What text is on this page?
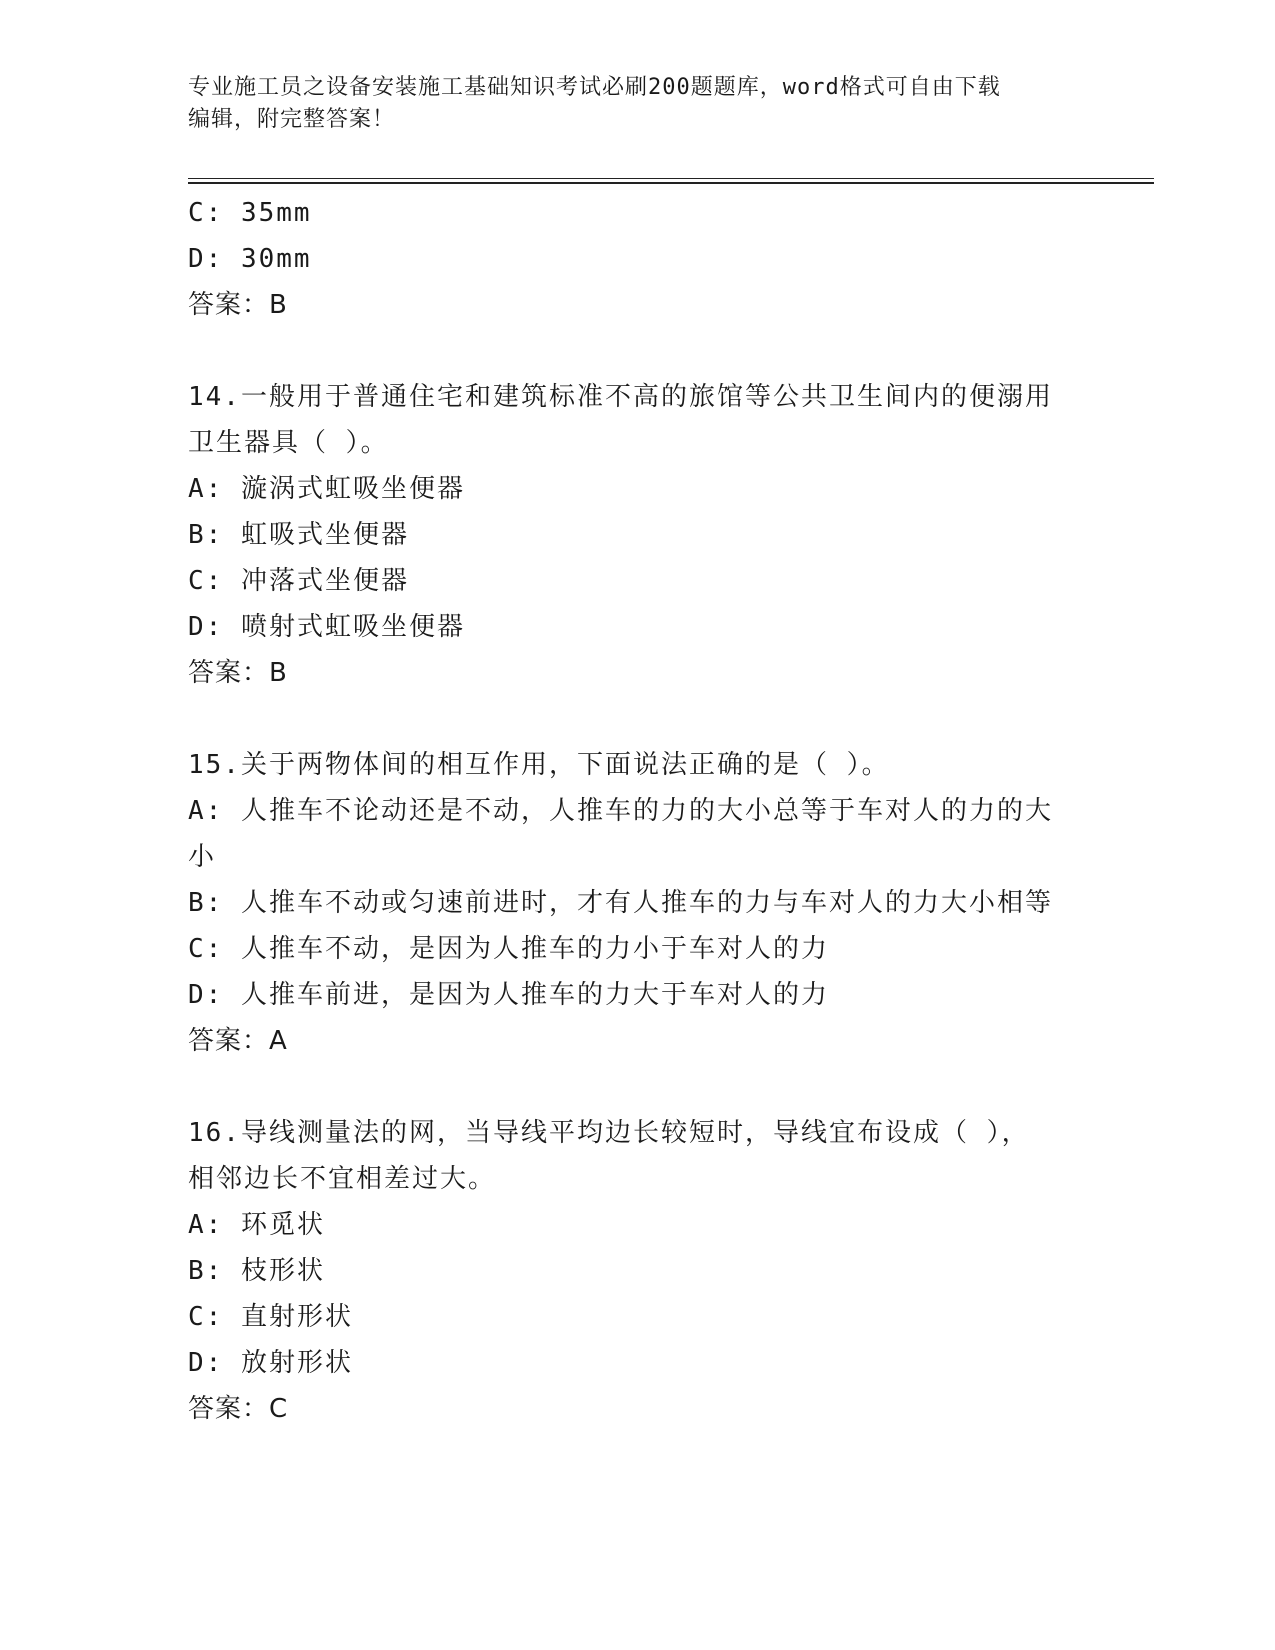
专业施工员之设备安装施工基础知识考试必刷200题题库，word格式可自由下载
编辑，附完整答案！

C: 35mm

D: 30mm

答案：B

14.一般用于普通住宅和建筑标准不高的旅馆等公共卫生间内的便溺用

卫生器具（ ）。

A: 漩涡式虹吸坐便器

B: 虹吸式坐便器

C: 冲落式坐便器

D: 喷射式虹吸坐便器

答案：B

15.关于两物体间的相互作用，下面说法正确的是（ ）。

A: 人推车不论动还是不动，人推车的力的大小总等于车对人的力的大

小

B: 人推车不动或匀速前进时，才有人推车的力与车对人的力大小相等

C: 人推车不动，是因为人推车的力小于车对人的力

D: 人推车前进，是因为人推车的力大于车对人的力

答案：A

16.导线测量法的网，当导线平均边长较短时，导线宜布设成（ ），

相邻边长不宜相差过大。

A: 环觅状

B: 枝形状

C: 直射形状

D: 放射形状

答案：C
